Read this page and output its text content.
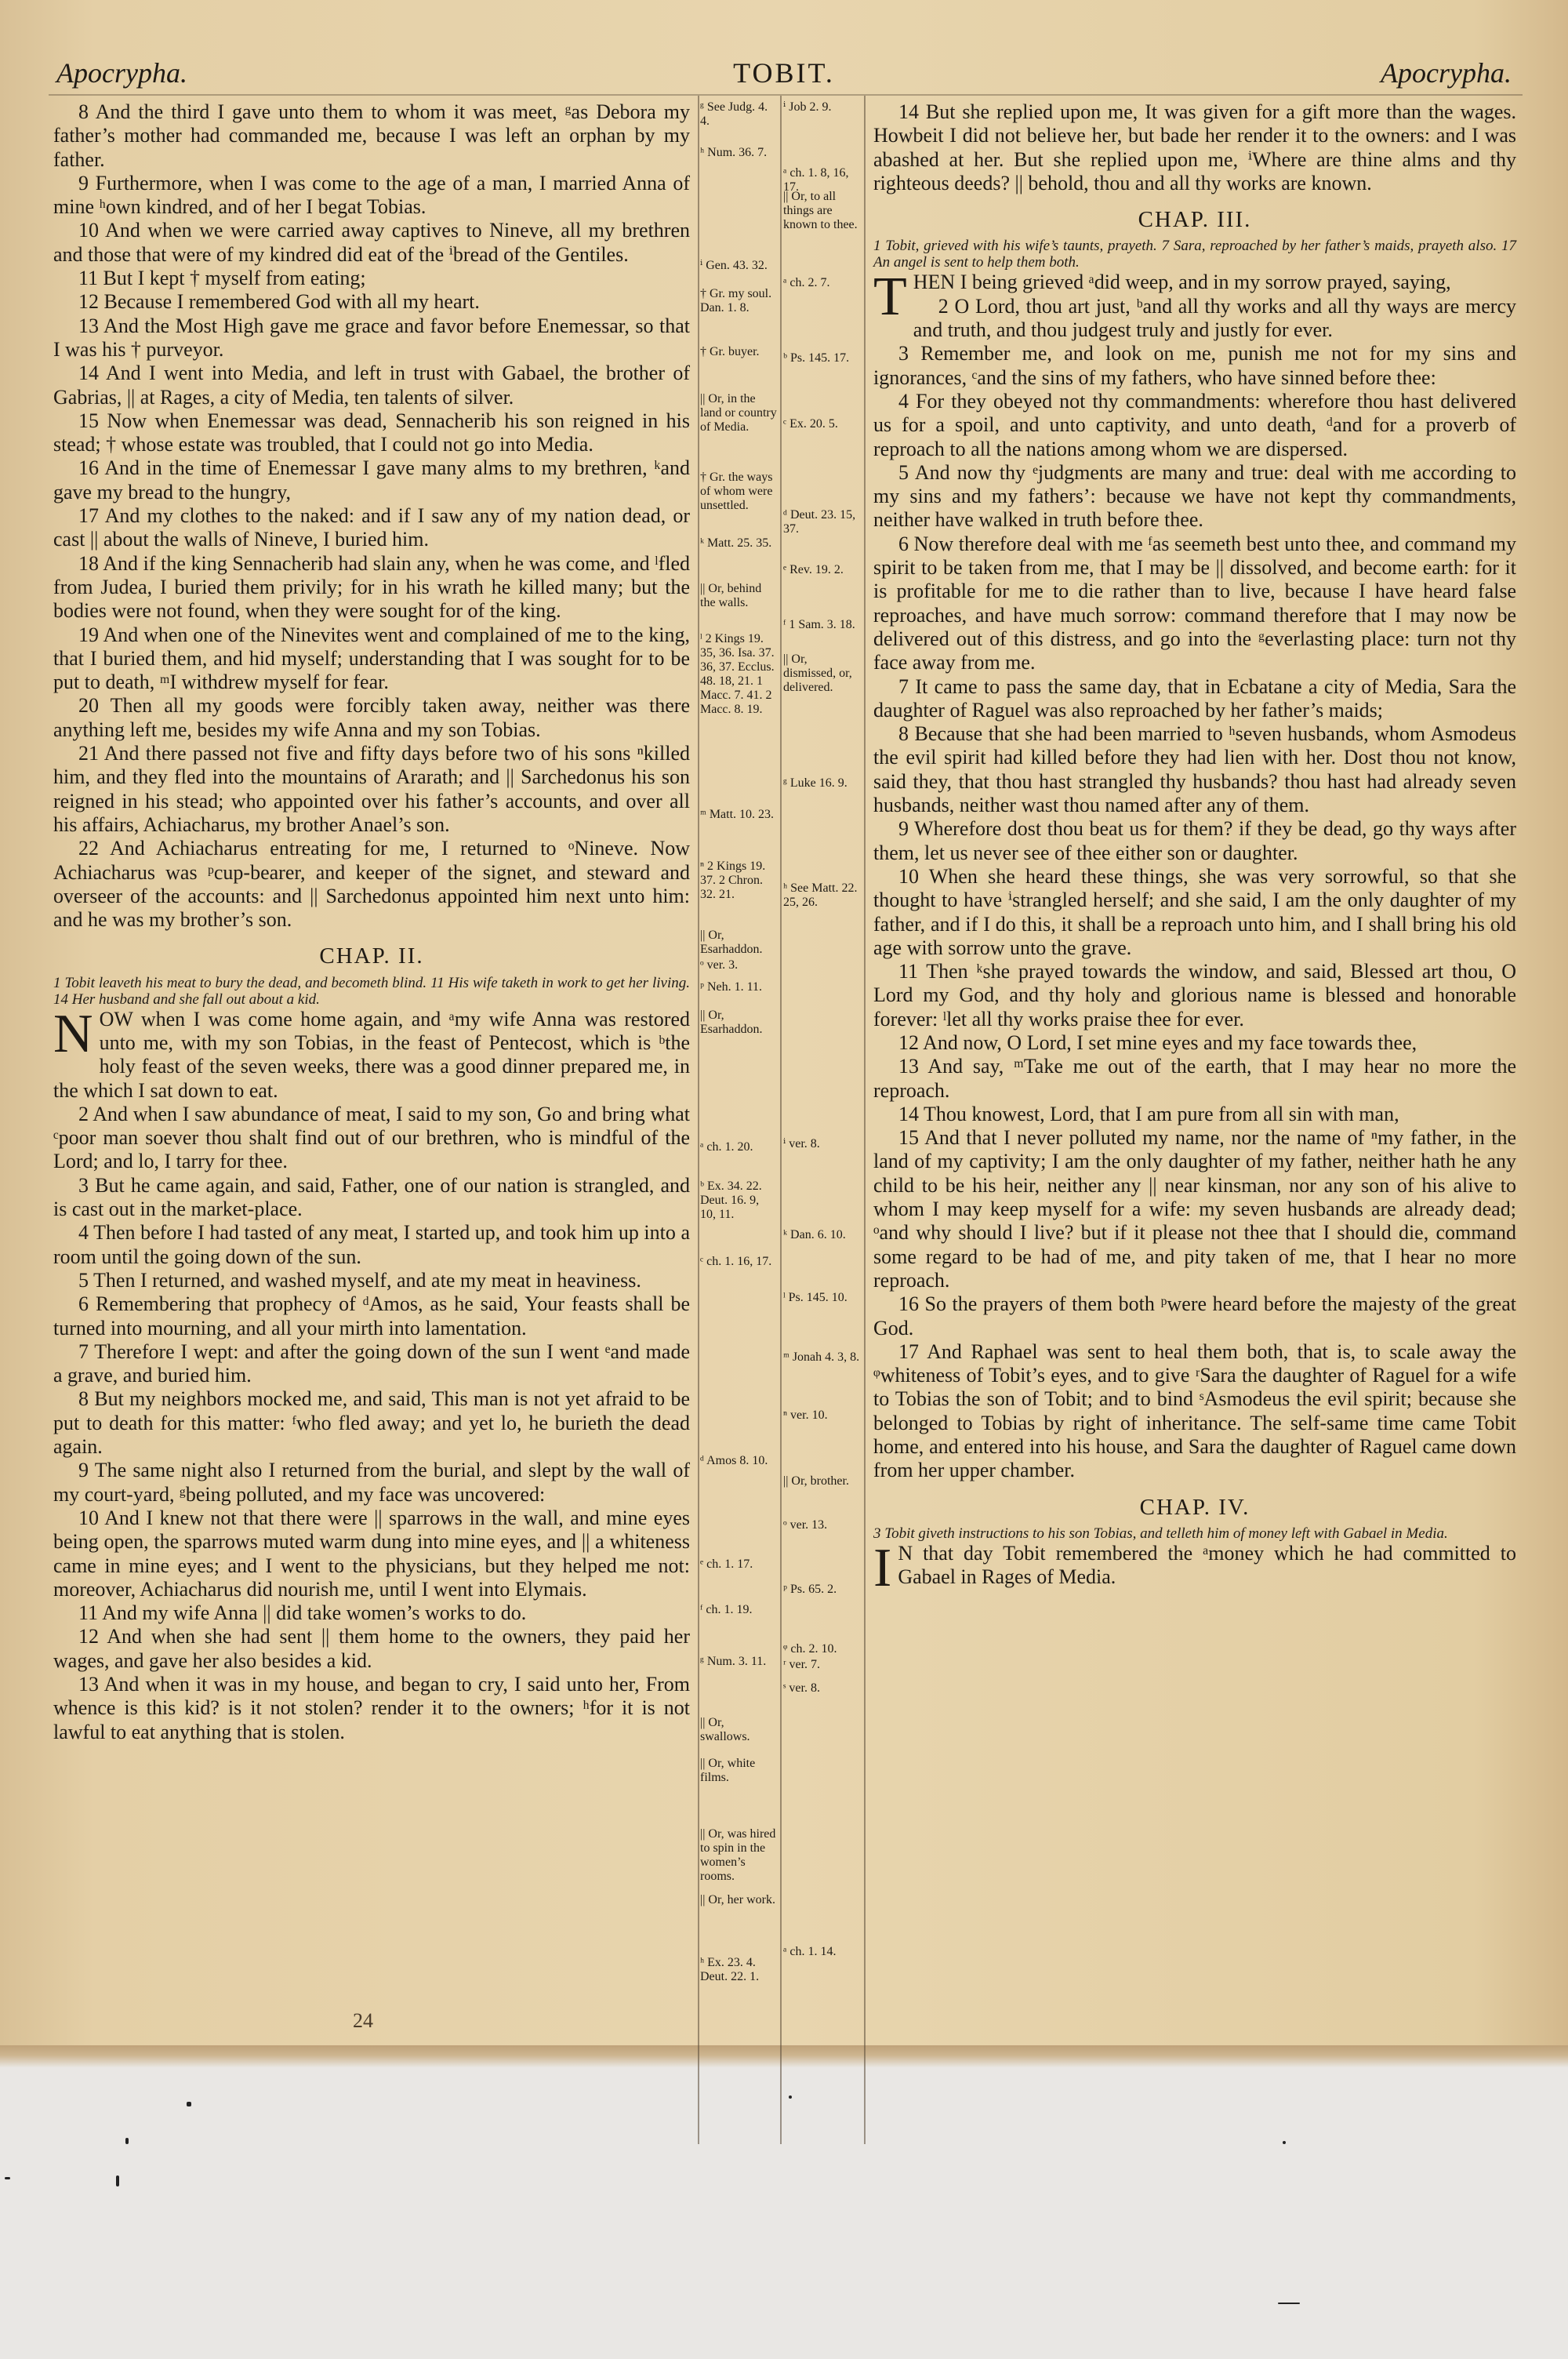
Apocrypha.	TOBIT.	Apocrypha.

8 And the third I gave unto them to whom it was meet, ᵍas Debora my father’s mother had commanded me, because I was left an orphan by my father.

9 Furthermore, when I was come to the age of a man, I married Anna of mine ʰown kindred, and of her I begat Tobias.

10 And when we were carried away captives to Nineve, all my brethren and those that were of my kindred did eat of the ⁱbread of the Gentiles.

11 But I kept † myself from eating;

12 Because I remembered God with all my heart.

13 And the Most High gave me grace and favor before Enemessar, so that I was his † purveyor.

14 And I went into Media, and left in trust with Gabael, the brother of Gabrias, || at Rages, a city of Media, ten talents of silver.

15 Now when Enemessar was dead, Sennacherib his son reigned in his stead; † whose estate was troubled, that I could not go into Media.

16 And in the time of Enemessar I gave many alms to my brethren, ᵏand gave my bread to the hungry,

17 And my clothes to the naked: and if I saw any of my nation dead, or cast || about the walls of Nineve, I buried him.

18 And if the king Sennacherib had slain any, when he was come, and ˡfled from Judea, I buried them privily; for in his wrath he killed many; but the bodies were not found, when they were sought for of the king.

19 And when one of the Ninevites went and complained of me to the king, that I buried them, and hid myself; understanding that I was sought for to be put to death, ᵐI withdrew myself for fear.

20 Then all my goods were forcibly taken away, neither was there anything left me, besides my wife Anna and my son Tobias.

21 And there passed not five and fifty days before two of his sons ⁿkilled him, and they fled into the mountains of Ararath; and || Sarchedonus his son reigned in his stead; who appointed over his father’s accounts, and over all his affairs, Achiacharus, my brother Anael’s son.

22 And Achiacharus entreating for me, I returned to ᵒNineve. Now Achiacharus was ᵖcup-bearer, and keeper of the signet, and steward and overseer of the accounts: and || Sarchedonus appointed him next unto him: and he was my brother’s son.

CHAP. II.

1 Tobit leaveth his meat to bury the dead, and becometh blind. 11 His wife taketh in work to get her living. 14 Her husband and she fall out about a kid.

NOW when I was come home again, and ᵃmy wife Anna was restored unto me, with my son Tobias, in the feast of Pentecost, which is ᵇthe holy feast of the seven weeks, there was a good dinner prepared me, in the which I sat down to eat.

2 And when I saw abundance of meat, I said to my son, Go and bring what ᶜpoor man soever thou shalt find out of our brethren, who is mindful of the Lord; and lo, I tarry for thee.

3 But he came again, and said, Father, one of our nation is strangled, and is cast out in the market-place.

4 Then before I had tasted of any meat, I started up, and took him up into a room until the going down of the sun.

5 Then I returned, and washed myself, and ate my meat in heaviness.

6 Remembering that prophecy of ᵈAmos, as he said, Your feasts shall be turned into mourning, and all your mirth into lamentation.

7 Therefore I wept: and after the going down of the sun I went ᵉand made a grave, and buried him.

8 But my neighbors mocked me, and said, This man is not yet afraid to be put to death for this matter: ᶠwho fled away; and yet lo, he burieth the dead again.

9 The same night also I returned from the burial, and slept by the wall of my court-yard, ᵍbeing polluted, and my face was uncovered:

10 And I knew not that there were || sparrows in the wall, and mine eyes being open, the sparrows muted warm dung into mine eyes, and || a whiteness came in mine eyes; and I went to the physicians, but they helped me not: moreover, Achiacharus did nourish me, until I went into Elymais.

11 And my wife Anna || did take women’s works to do.

12 And when she had sent || them home to the owners, they paid her wages, and gave her also besides a kid.

13 And when it was in my house, and began to cry, I said unto her, From whence is this kid? is it not stolen? render it to the owners; ʰfor it is not lawful to eat anything that is stolen.

14 But she replied upon me, It was given for a gift more than the wages. Howbeit I did not believe her, but bade her render it to the owners: and I was abashed at her. But she replied upon me, ⁱWhere are thine alms and thy righteous deeds? || behold, thou and all thy works are known.

CHAP. III.

1 Tobit, grieved with his wife’s taunts, prayeth. 7 Sara, reproached by her father’s maids, prayeth also. 17 An angel is sent to help them both.

THEN I being grieved ᵃdid weep, and in my sorrow prayed, saying,

2 O Lord, thou art just, ᵇand all thy works and all thy ways are mercy and truth, and thou judgest truly and justly for ever.

3 Remember me, and look on me, punish me not for my sins and ignorances, ᶜand the sins of my fathers, who have sinned before thee:

4 For they obeyed not thy commandments: wherefore thou hast delivered us for a spoil, and unto captivity, and unto death, ᵈand for a proverb of reproach to all the nations among whom we are dispersed.

5 And now thy ᵉjudgments are many and true: deal with me according to my sins and my fathers’: because we have not kept thy commandments, neither have walked in truth before thee.

6 Now therefore deal with me ᶠas seemeth best unto thee, and command my spirit to be taken from me, that I may be || dissolved, and become earth: for it is profitable for me to die rather than to live, because I have heard false reproaches, and have much sorrow: command therefore that I may now be delivered out of this distress, and go into the ᵍeverlasting place: turn not thy face away from me.

7 It came to pass the same day, that in Ecbatane a city of Media, Sara the daughter of Raguel was also reproached by her father’s maids;

8 Because that she had been married to ʰseven husbands, whom Asmodeus the evil spirit had killed before they had lien with her. Dost thou not know, said they, that thou hast strangled thy husbands? thou hast had already seven husbands, neither wast thou named after any of them.

9 Wherefore dost thou beat us for them? if they be dead, go thy ways after them, let us never see of thee either son or daughter.

10 When she heard these things, she was very sorrowful, so that she thought to have ⁱstrangled herself; and she said, I am the only daughter of my father, and if I do this, it shall be a reproach unto him, and I shall bring his old age with sorrow unto the grave.

11 Then ᵏshe prayed towards the window, and said, Blessed art thou, O Lord my God, and thy holy and glorious name is blessed and honorable forever: ˡlet all thy works praise thee for ever.

12 And now, O Lord, I set mine eyes and my face towards thee,

13 And say, ᵐTake me out of the earth, that I may hear no more the reproach.

14 Thou knowest, Lord, that I am pure from all sin with man,

15 And that I never polluted my name, nor the name of ⁿmy father, in the land of my captivity; I am the only daughter of my father, neither hath he any child to be his heir, neither any || near kinsman, nor any son of his alive to whom I may keep myself for a wife: my seven husbands are already dead; ᵒand why should I live? but if it please not thee that I should die, command some regard to be had of me, and pity taken of me, that I hear no more reproach.

16 So the prayers of them both ᵖwere heard before the majesty of the great God.

17 And Raphael was sent to heal them both, that is, to scale away the ᵠwhiteness of Tobit’s eyes, and to give ʳSara the daughter of Raguel for a wife to Tobias the son of Tobit; and to bind ˢAsmodeus the evil spirit; because she belonged to Tobias by right of inheritance. The self-same time came Tobit home, and entered into his house, and Sara the daughter of Raguel came down from her upper chamber.

CHAP. IV.

3 Tobit giveth instructions to his son Tobias, and telleth him of money left with Gabael in Media.

I N that day Tobit remembered the ᵃmoney which he had committed to Gabael in Rages of Media.

ᵍ See Judg. 4. 4.
ʰ Num. 36. 7.
ⁱ Gen. 43. 32.
† Gr. my soul. Dan. 1. 8.
† Gr. buyer.
|| Or, in the land or country of Media.
† Gr. the ways of whom were unsettled.
ᵏ Matt. 25. 35.
|| Or, behind the walls.
ˡ 2 Kings 19. 35, 36. Isa. 37. 36, 37. Ecclus. 48. 18, 21. 1 Macc. 7. 41. 2 Macc. 8. 19.
ᵐ Matt. 10. 23.
ⁿ 2 Kings 19. 37. 2 Chron. 32. 21.
|| Or, Esarhaddon.
ᵒ ver. 3.
ᵖ Neh. 1. 11.
|| Or, Esarhaddon.
ᵃ ch. 1. 20.
ᵇ Ex. 34. 22. Deut. 16. 9, 10, 11.
ᶜ ch. 1. 16, 17.
ᵈ Amos 8. 10.
ᵉ ch. 1. 17.
ᶠ ch. 1. 19.
ᵍ Num. 3. 11.
|| Or, swallows.
|| Or, white films.
|| Or, was hired to spin in the women’s rooms.
|| Or, her work.
ʰ Ex. 23. 4. Deut. 22. 1.
ⁱ Job 2. 9.
ᵃ ch. 1. 8, 16, 17.
|| Or, to all things are known to thee.
ᵃ ch. 2. 7.
ᵇ Ps. 145. 17.
ᶜ Ex. 20. 5.
ᵈ Deut. 23. 15, 37.
ᵉ Rev. 19. 2.
ᶠ 1 Sam. 3. 18.
|| Or, dismissed, or, delivered.
ᵍ Luke 16. 9.
ʰ See Matt. 22. 25, 26.
ⁱ ver. 8.
ᵏ Dan. 6. 10.
ˡ Ps. 145. 10.
ᵐ Jonah 4. 3, 8.
ⁿ ver. 10.
|| Or, brother.
ᵒ ver. 13.
ᵖ Ps. 65. 2.
ᵠ ch. 2. 10.
ʳ ver. 7.
ˢ ver. 8.
ᵃ ch. 1. 14.
24
